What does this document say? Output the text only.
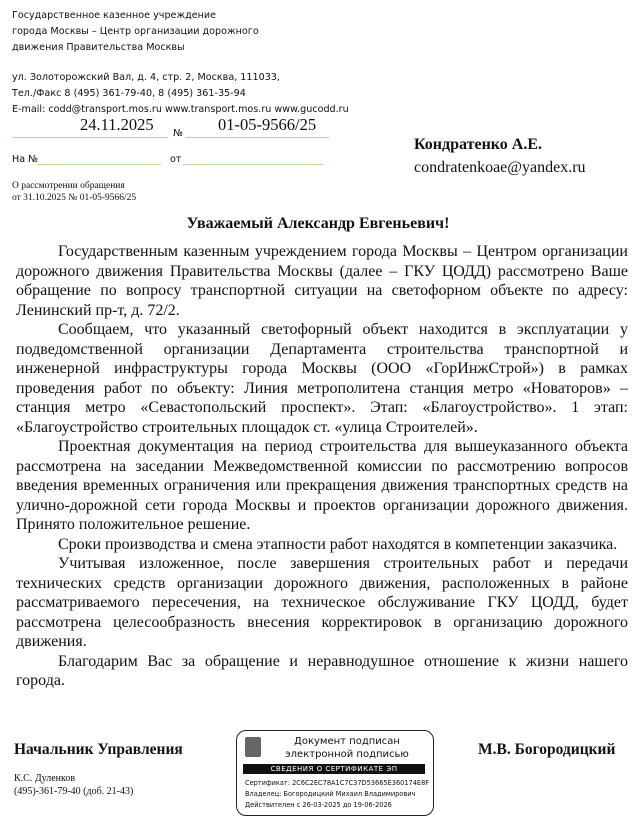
Государственное казенное учреждение
города Москвы – Центр организации дорожного
движения Правительства Москвы
ул. Золоторожский Вал, д. 4, стр. 2, Москва, 111033,
Тел./Факс 8 (495) 361-79-40, 8 (495) 361-35-94
E-mail: codd@transport.mos.ru www.transport.mos.ru www.gucodd.ru
24.11.2025	01-05-9566/25
№
На №	от
О рассмотрении обращения
от 31.10.2025 № 01-05-9566/25
Кондратенко А.Е.
condratenkoae@yandex.ru
Уважаемый Александр Евгеньевич!

Государственным казенным учреждением города Москвы – Центром организации дорожного движения Правительства Москвы (далее – ГКУ ЦОДД) рассмотрено Ваше обращение по вопросу транспортной ситуации на светофорном объекте по адресу: Ленинский пр-т, д. 72/2.

Сообщаем, что указанный светофорный объект находится в эксплуатации у подведомственной организации Департамента строительства транспортной и инженерной инфраструктуры города Москвы (ООО «ГорИнжСтрой») в рамках проведения работ по объекту: Линия метрополитена станция метро «Новаторов» – станция метро «Севастопольский проспект». Этап: «Благоустройство». 1 этап: «Благоустройство строительных площадок ст. «улица Строителей».

Проектная документация на период строительства для вышеуказанного объекта рассмотрена на заседании Межведомственной комиссии по рассмотрению вопросов введения временных ограничения или прекращения движения транспортных средств на улично-дорожной сети города Москвы и проектов организации дорожного движения. Принято положительное решение.

Сроки производства и смена этапности работ находятся в компетенции заказчика.

Учитывая изложенное, после завершения строительных работ и передачи технических средств организации дорожного движения, расположенных в районе рассматриваемого пересечения, на техническое обслуживание ГКУ ЦОДД, будет рассмотрена целесообразность внесения корректировок в организацию дорожного движения.

Благодарим Вас за обращение и неравнодушное отношение к жизни нашего города.

Начальник Управления	М.В. Богородицкий
Документ подписан
электронной подписью
СВЕДЕНИЯ О СЕРТИФИКАТЕ ЭП
Сертификат: 2C6C2EC78A1C7C37D53665E360174E8F
Владелец: Богородицкий Михаил Владимирович
Действителен с 26-03-2025 до 19-06-2026
К.С. Дуленков
(495)-361-79-40 (доб. 21-43)
